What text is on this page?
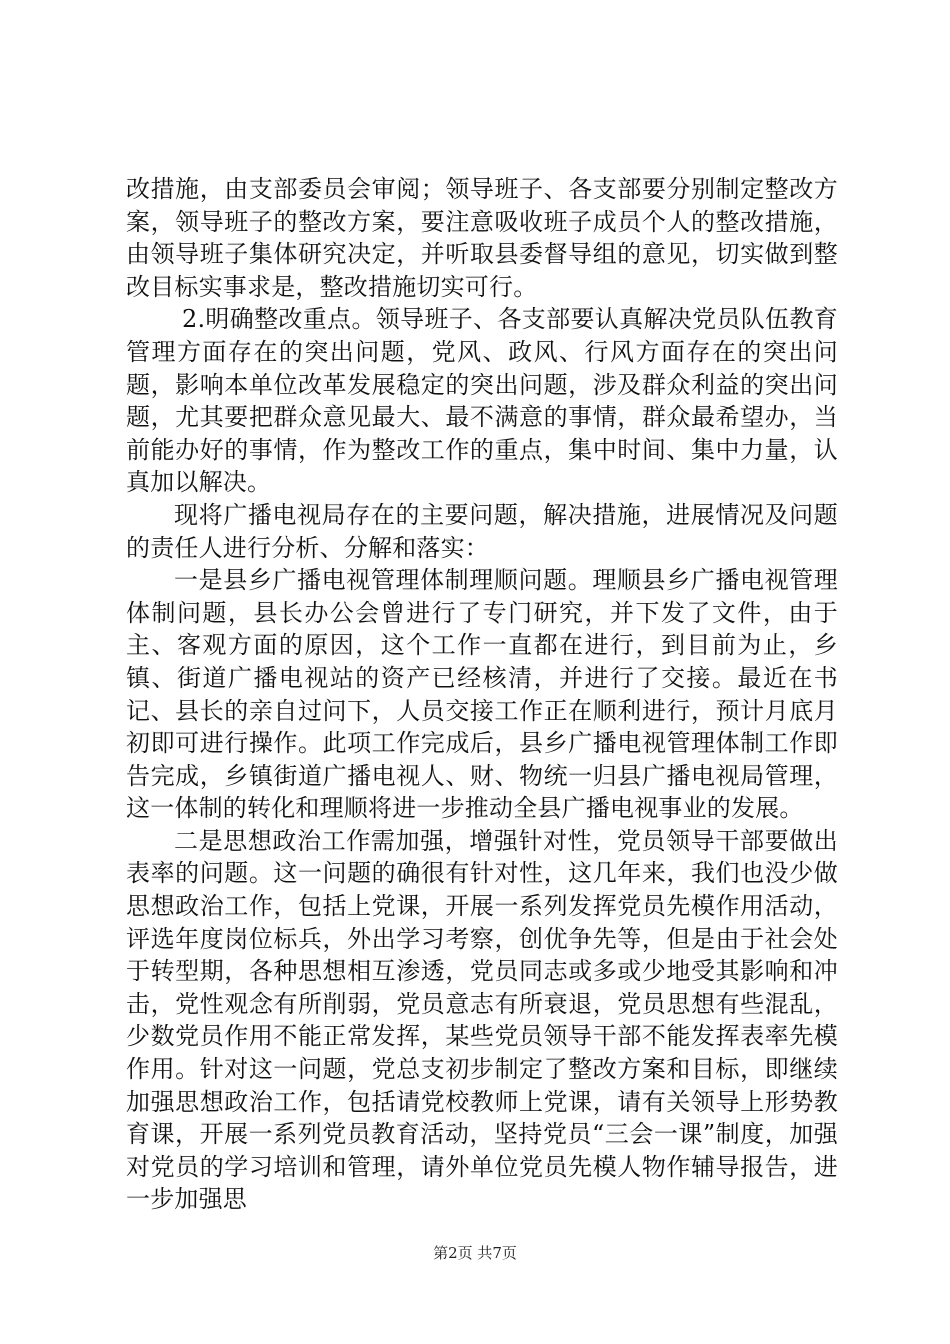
改措施，由支部委员会审阅；领导班子、各支部要分别制定整改方案，领导班子的整改方案，要注意吸收班子成员个人的整改措施，由领导班子集体研究决定，并听取县委督导组的意见，切实做到整改目标实事求是，整改措施切实可行。

2.明确整改重点。领导班子、各支部要认真解决党员队伍教育管理方面存在的突出问题，党风、政风、行风方面存在的突出问题，影响本单位改革发展稳定的突出问题，涉及群众利益的突出问题，尤其要把群众意见最大、最不满意的事情，群众最希望办，当前能办好的事情，作为整改工作的重点，集中时间、集中力量，认真加以解决。

现将广播电视局存在的主要问题，解决措施，进展情况及问题的责任人进行分析、分解和落实：

一是县乡广播电视管理体制理顺问题。理顺县乡广播电视管理体制问题，县长办公会曾进行了专门研究，并下发了文件，由于主、客观方面的原因，这个工作一直都在进行，到目前为止，乡镇、街道广播电视站的资产已经核清，并进行了交接。最近在书记、县长的亲自过问下，人员交接工作正在顺利进行，预计月底月初即可进行操作。此项工作完成后，县乡广播电视管理体制工作即告完成，乡镇街道广播电视人、财、物统一归县广播电视局管理，这一体制的转化和理顺将进一步推动全县广播电视事业的发展。

二是思想政治工作需加强，增强针对性，党员领导干部要做出表率的问题。这一问题的确很有针对性，这几年来，我们也没少做思想政治工作，包括上党课，开展一系列发挥党员先模作用活动，评选年度岗位标兵，外出学习考察，创优争先等，但是由于社会处于转型期，各种思想相互渗透，党员同志或多或少地受其影响和冲击，党性观念有所削弱，党员意志有所衰退，党员思想有些混乱，少数党员作用不能正常发挥，某些党员领导干部不能发挥表率先模作用。针对这一问题，党总支初步制定了整改方案和目标，即继续加强思想政治工作，包括请党校教师上党课，请有关领导上形势教育课，开展一系列党员教育活动，坚持党员“三会一课”制度，加强对党员的学习培训和管理，请外单位党员先模人物作辅导报告，进一步加强思

第2页 共7页
